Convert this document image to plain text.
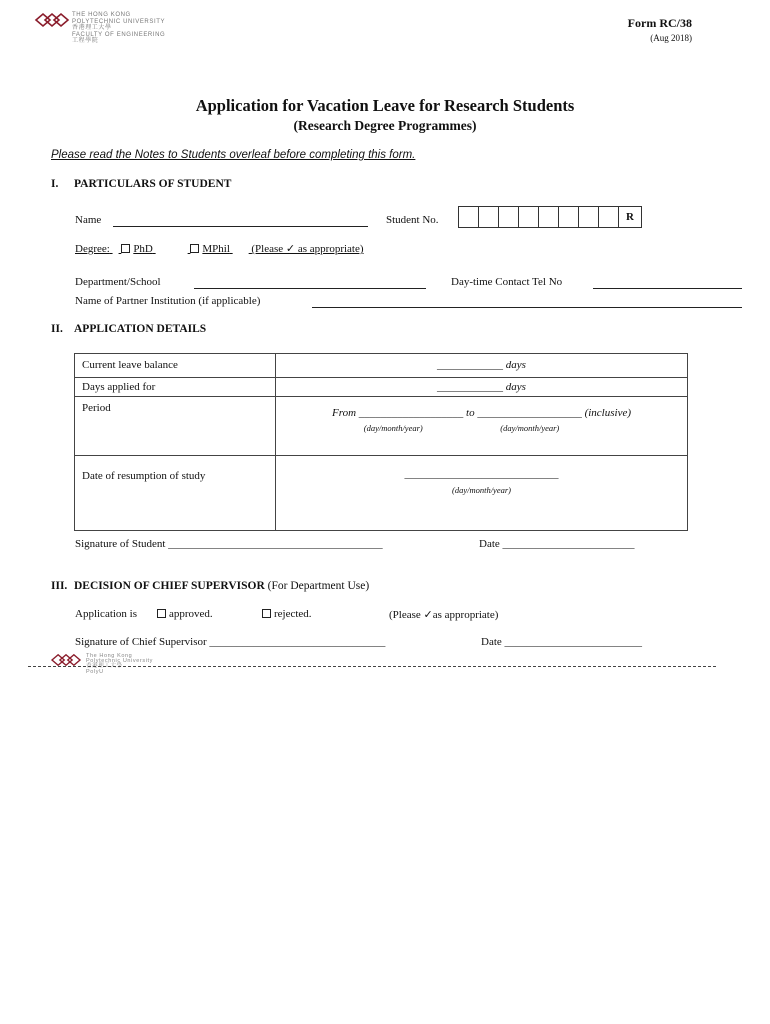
THE HONG KONG
POLYTECHNIC UNIVERSITY
香港理工大學
FACULTY OF ENGINEERING
工程學院
Form RC/38
(Aug 2018)
Application for Vacation Leave for Research Students
(Research Degree Programmes)
Please read the Notes to Students overleaf before completing this form.
I. PARTICULARS OF STUDENT
Name	Student No.	R
Degree: PhD	MPhil (Please ✓ as appropriate)
Department/School	Day-time Contact Tel No
Name of Partner Institution (if applicable)
II. APPLICATION DETAILS
Current leave balance	____________ days
Days applied for	____________ days
Period	From ___________________ to ___________________ (inclusive)
(day/month/year) (day/month/year)

Date of resumption of study	____________________________
(day/month/year)
Signature of Student _______________________________________	Date ________________________
III. DECISION OF CHIEF SUPERVISOR (For Department Use)
Application is	approved.	rejected.	(Please ✓as appropriate)
Signature of Chief Supervisor ________________________________	Date _________________________
The Hong Kong
Polytechnic University
香港理工大學
PolyU
